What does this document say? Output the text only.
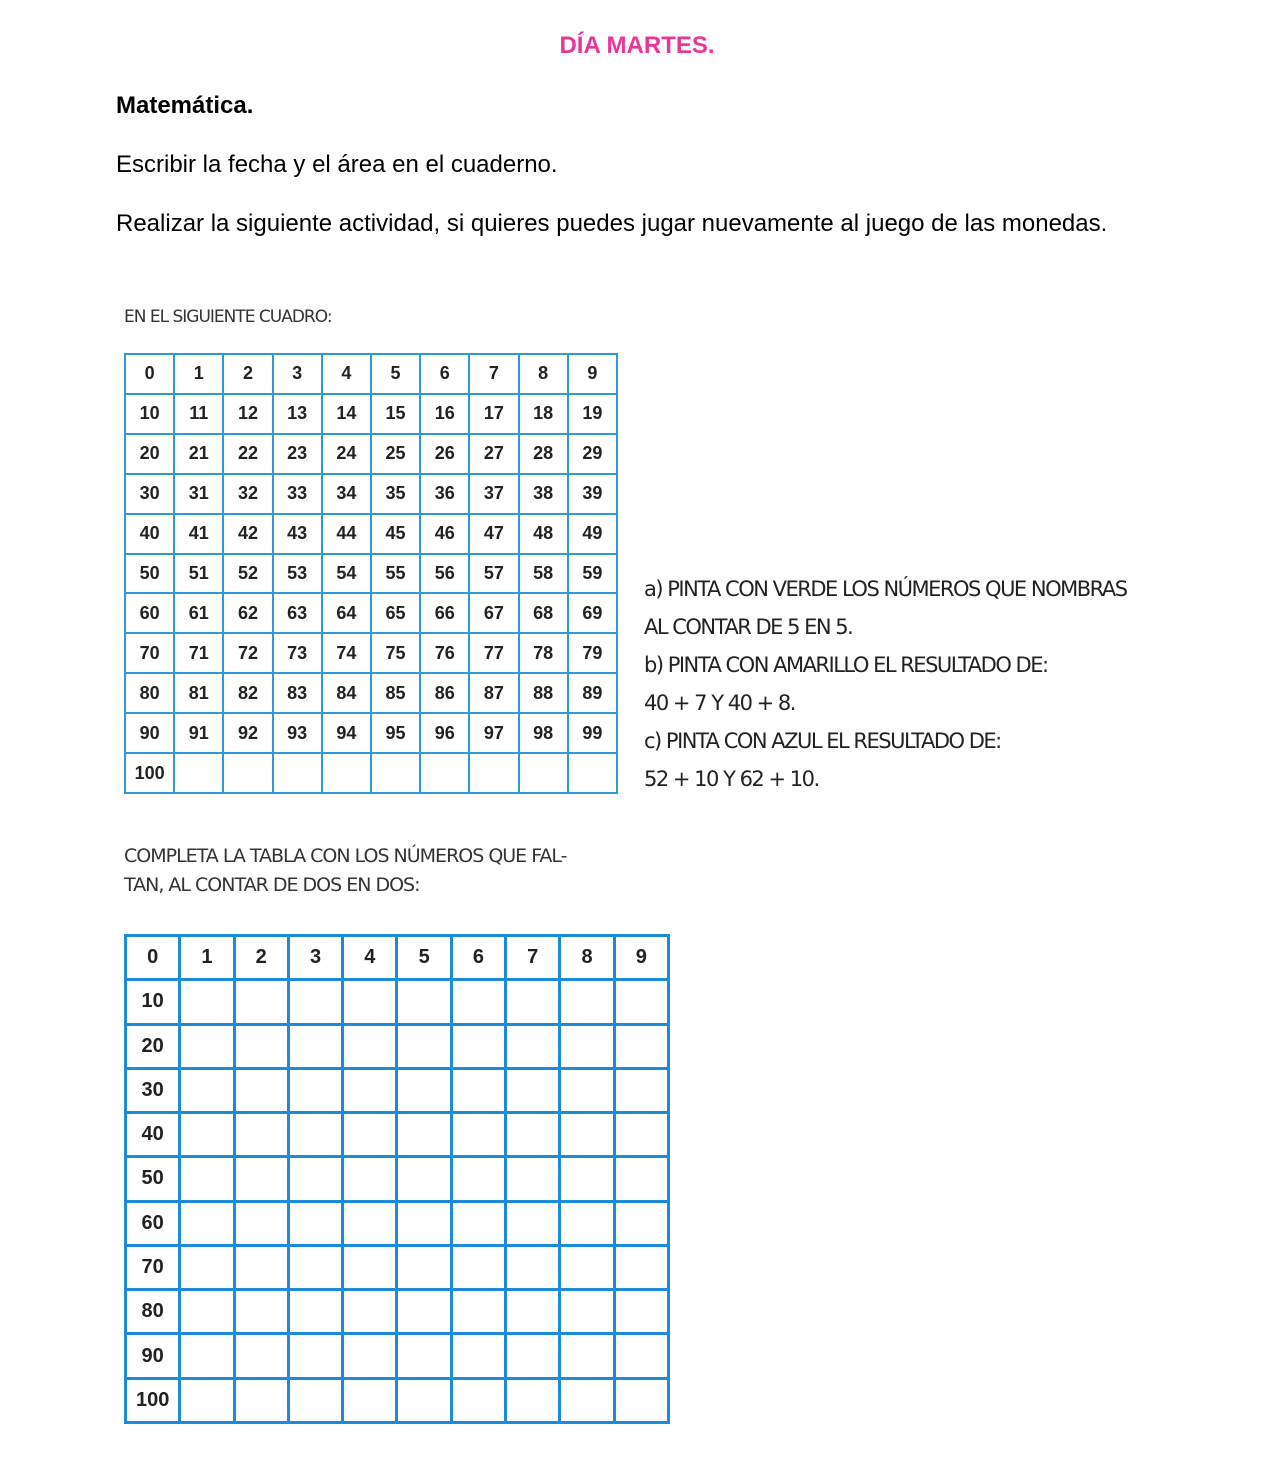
DÍA MARTES.
Matemática.
Escribir la fecha y el área en el cuaderno.
Realizar la siguiente actividad, si quieres puedes jugar nuevamente al juego de las monedas.
EN EL SIGUIENTE CUADRO:
0	1	2	3	4	5	6	7	8	9
10	11	12	13	14	15	16	17	18	19
20	21	22	23	24	25	26	27	28	29
30	31	32	33	34	35	36	37	38	39
40	41	42	43	44	45	46	47	48	49
50	51	52	53	54	55	56	57	58	59
60	61	62	63	64	65	66	67	68	69
70	71	72	73	74	75	76	77	78	79
80	81	82	83	84	85	86	87	88	89
90	91	92	93	94	95	96	97	98	99
100									
a) PINTA CON VERDE LOS NÚMEROS QUE NOMBRAS
AL CONTAR DE 5 EN 5.
b) PINTA CON AMARILLO EL RESULTADO DE:
40 + 7 Y 40 + 8.
c) PINTA CON AZUL EL RESULTADO DE:
52 + 10 Y 62 + 10.
COMPLETA LA TABLA CON LOS NÚMEROS QUE FAL-
TAN, AL CONTAR DE DOS EN DOS:
0	1	2	3	4	5	6	7	8	9
10									
20									
30									
40									
50									
60									
70									
80									
90									
100									
